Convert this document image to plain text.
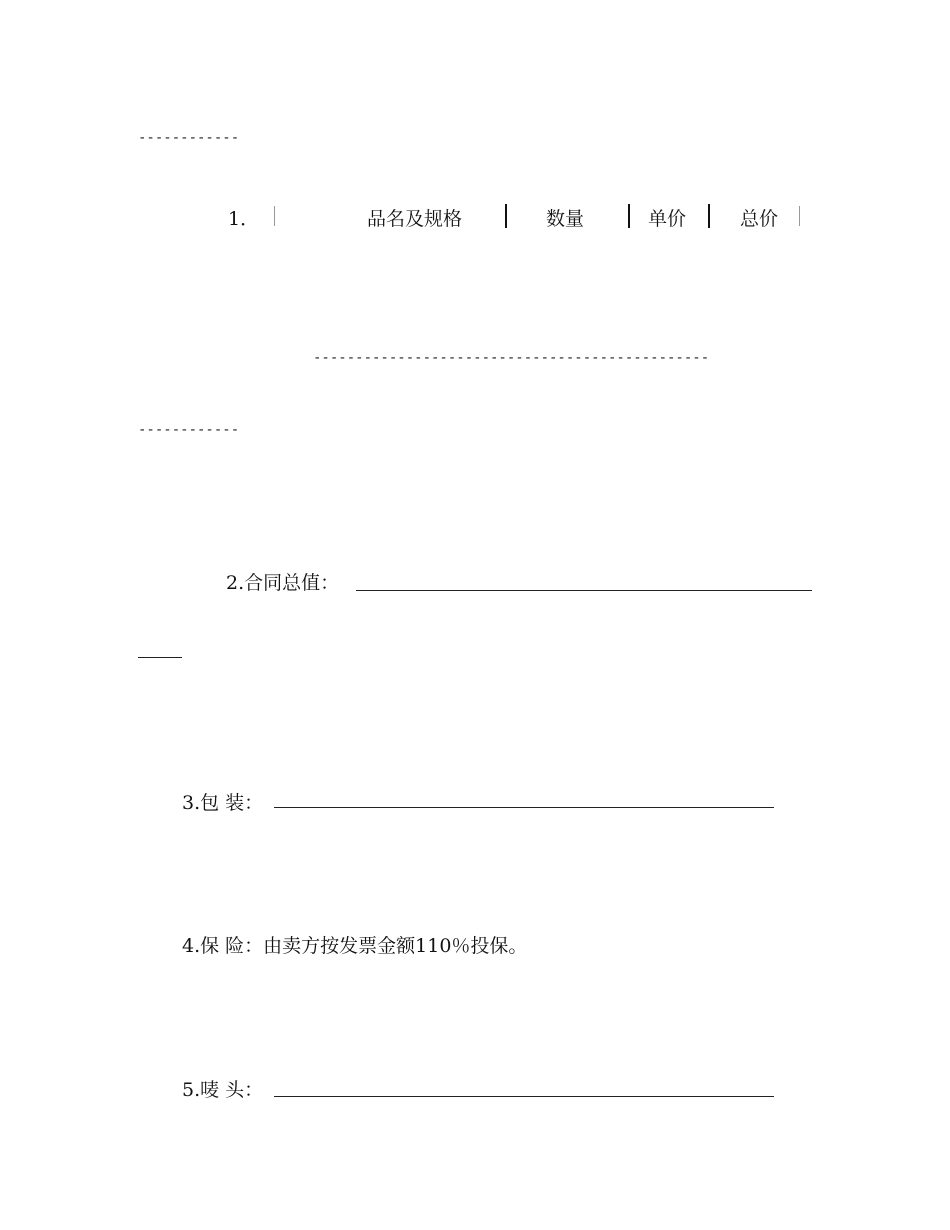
------------
1．	品名及规格	数量	单价	总价
-----------------------------------------------
------------
2.合同总值：
3.包 装：
4.保 险：由卖方按发票金额110％投保。
5.唛 头：
